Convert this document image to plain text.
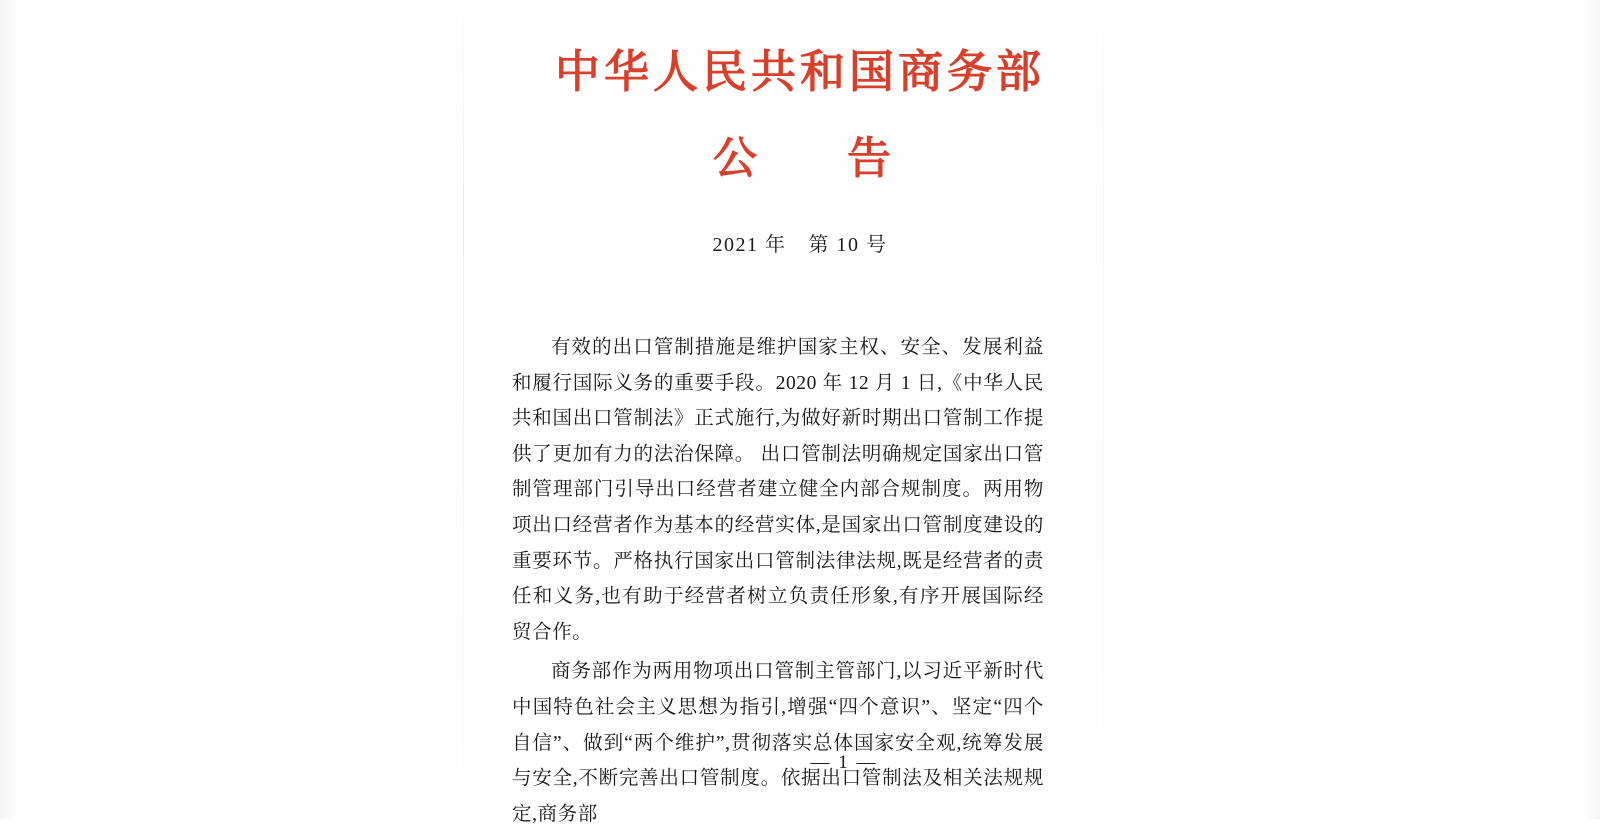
中华人民共和国商务部
公告
2021 年 第 10 号

有效的出口管制措施是维护国家主权、安全、发展利益和履行国际义务的重要手段。2020 年 12 月 1 日,《中华人民共和国出口管制法》正式施行,为做好新时期出口管制工作提供了更加有力的法治保障。 出口管制法明确规定国家出口管制管理部门引导出口经营者建立健全内部合规制度。两用物项出口经营者作为基本的经营实体,是国家出口管制度建设的重要环节。严格执行国家出口管制法律法规,既是经营者的责任和义务,也有助于经营者树立负责任形象,有序开展国际经贸合作。

商务部作为两用物项出口管制主管部门,以习近平新时代中国特色社会主义思想为指引,增强“四个意识”、坚定“四个自信”、做到“两个维护”,贯彻落实总体国家安全观,统筹发展与安全,不断完善出口管制度。依据出口管制法及相关法规规定,商务部

— 1 —
